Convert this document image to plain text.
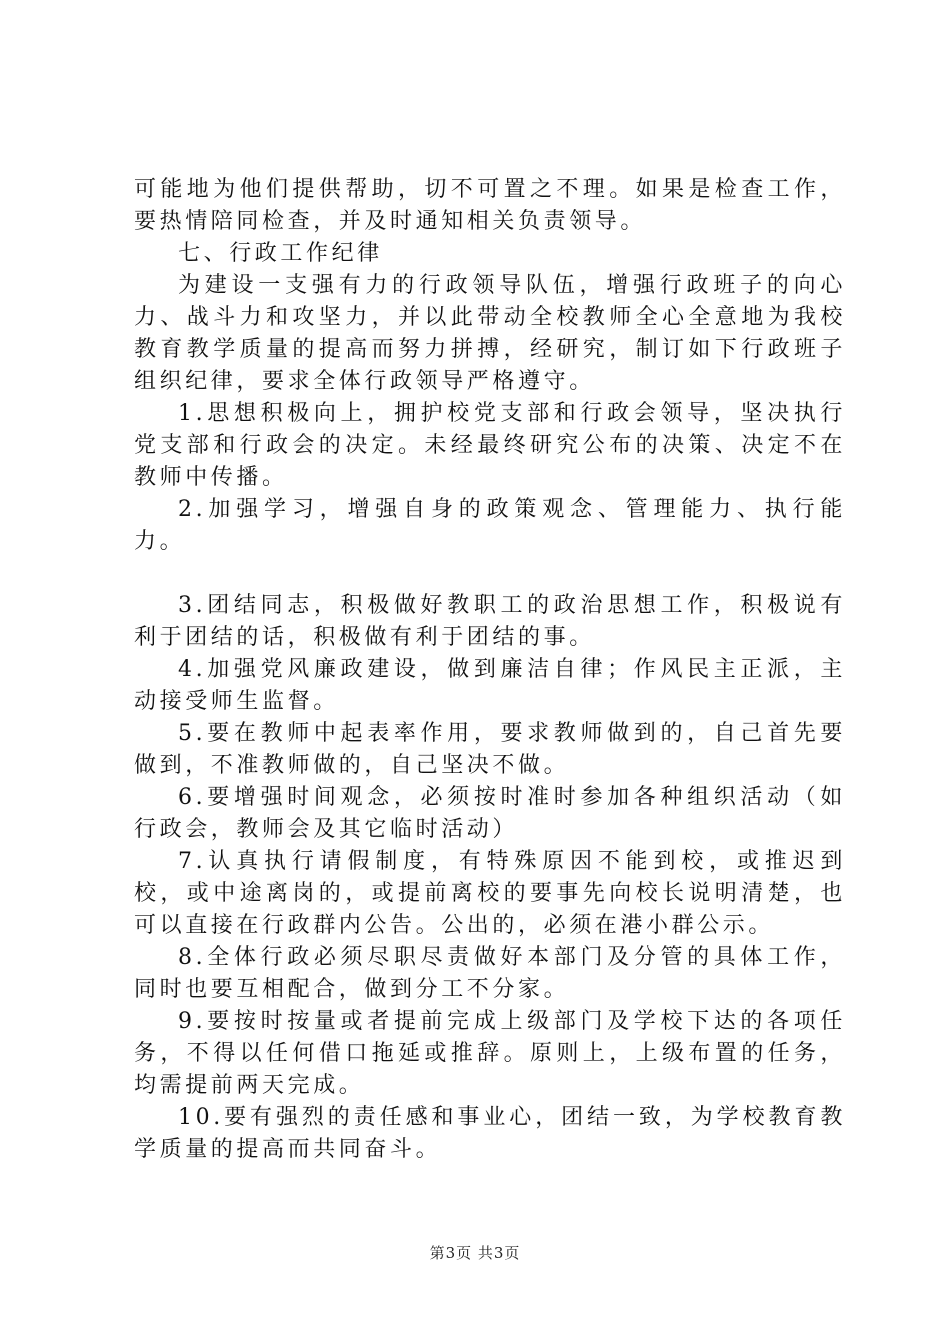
可能地为他们提供帮助，切不可置之不理。如果是检查工作，要热情陪同检查，并及时通知相关负责领导。

七、行政工作纪律

为建设一支强有力的行政领导队伍，增强行政班子的向心力、战斗力和攻坚力，并以此带动全校教师全心全意地为我校教育教学质量的提高而努力拼搏，经研究，制订如下行政班子组织纪律，要求全体行政领导严格遵守。

1.思想积极向上，拥护校党支部和行政会领导，坚决执行党支部和行政会的决定。未经最终研究公布的决策、决定不在教师中传播。

2.加强学习，增强自身的政策观念、管理能力、执行能力。

3.团结同志，积极做好教职工的政治思想工作，积极说有利于团结的话，积极做有利于团结的事。

4.加强党风廉政建设，做到廉洁自律；作风民主正派，主动接受师生监督。

5.要在教师中起表率作用，要求教师做到的，自己首先要做到，不准教师做的，自己坚决不做。

6.要增强时间观念，必须按时准时参加各种组织活动（如行政会，教师会及其它临时活动）

7.认真执行请假制度，有特殊原因不能到校，或推迟到校，或中途离岗的，或提前离校的要事先向校长说明清楚，也可以直接在行政群内公告。公出的，必须在港小群公示。

8.全体行政必须尽职尽责做好本部门及分管的具体工作，同时也要互相配合，做到分工不分家。

9.要按时按量或者提前完成上级部门及学校下达的各项任务，不得以任何借口拖延或推辞。原则上，上级布置的任务，均需提前两天完成。

10.要有强烈的责任感和事业心，团结一致，为学校教育教学质量的提高而共同奋斗。

第3页 共3页
